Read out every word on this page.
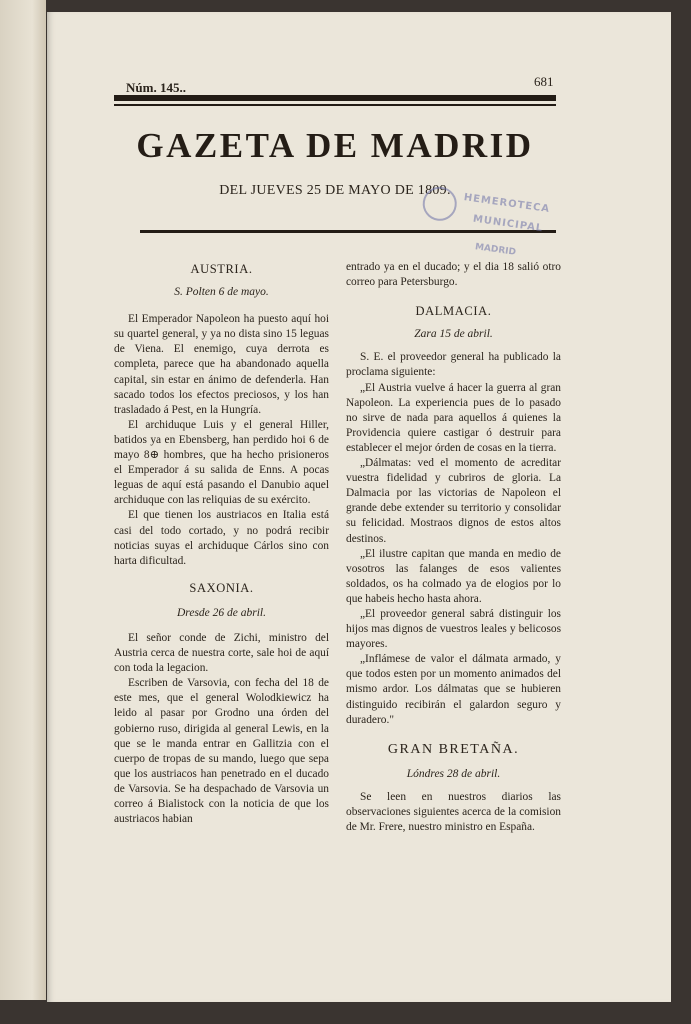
Núm. 145..	681

GAZETA DE MADRID

DEL JUEVES 25 DE MAYO DE 1809.

HEMEROTECA
MUNICIPAL
MADRID

AUSTRIA.

S. Polten 6 de mayo.

El Emperador Napoleon ha puesto aquí hoi su quartel general, y ya no dista sino 15 leguas de Viena. El enemigo, cuya derrota es completa, parece que ha abandonado aquella capital, sin estar en ánimo de defenderla. Han sacado todos los efectos preciosos, y los han trasladado á Pest, en la Hungría.

El archiduque Luis y el general Hiller, batidos ya en Ebensberg, han perdido hoi 6 de mayo 8⊕ hombres, que ha hecho prisioneros el Emperador á su salida de Enns. A pocas leguas de aquí está pasando el Danubio aquel archiduque con las reliquias de su exército.

El que tienen los austriacos en Italia está casi del todo cortado, y no podrá recibir noticias suyas el archiduque Cárlos sino con harta dificultad.

SAXONIA.

Dresde 26 de abril.

El señor conde de Zichi, ministro del Austria cerca de nuestra corte, sale hoi de aquí con toda la legacion.

Escriben de Varsovia, con fecha del 18 de este mes, que el general Wolodkiewicz ha leido al pasar por Grodno una órden del gobierno ruso, dirigida al general Lewis, en la que se le manda entrar en Gallitzia con el cuerpo de tropas de su mando, luego que sepa que los austriacos han penetrado en el ducado de Varsovia. Se ha despachado de Varsovia un correo á Bialistock con la noticia de que los austriacos habian

entrado ya en el ducado; y el dia 18 salió otro correo para Petersburgo.

DALMACIA.

Zara 15 de abril.

S. E. el proveedor general ha publicado la proclama siguiente:

„El Austria vuelve á hacer la guerra al gran Napoleon. La experiencia pues de lo pasado no sirve de nada para aquellos á quienes la Providencia quiere castigar ó destruir para establecer el mejor órden de cosas en la tierra.

„Dálmatas: ved el momento de acreditar vuestra fidelidad y cubriros de gloria. La Dalmacia por las victorias de Napoleon el grande debe extender su territorio y consolidar su felicidad. Mostraos dignos de estos altos destinos.

„El ilustre capitan que manda en medio de vosotros las falanges de esos valientes soldados, os ha colmado ya de elogios por lo que habeis hecho hasta ahora.

„El proveedor general sabrá distinguir los hijos mas dignos de vuestros leales y belicosos mayores.

„Inflámese de valor el dálmata armado, y que todos esten por un momento animados del mismo ardor. Los dálmatas que se hubieren distinguido recibirán el galardon seguro y duradero."

GRAN BRETAÑA.

Lóndres 28 de abril.

Se leen en nuestros diarios las observaciones siguientes acerca de la comision de Mr. Frere, nuestro ministro en España.
